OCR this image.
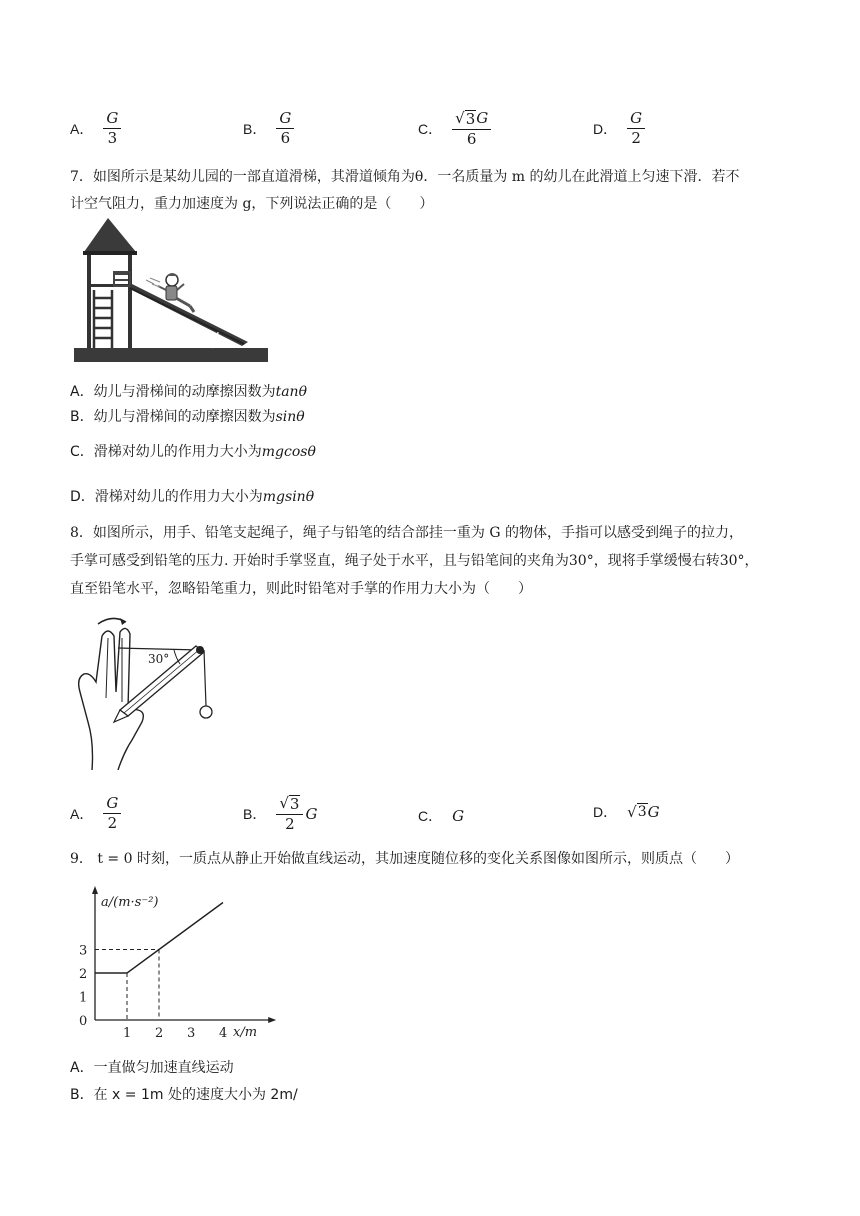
A． $\frac{G}{3}$	B． $\frac{G}{6}$	C． $\frac{√ 3 G}{6}$	D． $\frac{G}{2}$
7．如图所示是某幼儿园的一部直道滑梯，其滑道倾角为θ．一名质量为 m 的幼儿在此滑道上匀速下滑．若不
计空气阻力，重力加速度为 g，下列说法正确的是（　　）
θ
A．幼儿与滑梯间的动摩擦因数为tanθ
B．幼儿与滑梯间的动摩擦因数为sinθ
C．滑梯对幼儿的作用力大小为mgcosθ
D．滑梯对幼儿的作用力大小为mgsinθ
8．如图所示，用手、铅笔支起绳子，绳子与铅笔的结合部挂一重为 G 的物体，手指可以感受到绳子的拉力，
手掌可感受到铅笔的压力. 开始时手掌竖直，绳子处于水平，且与铅笔间的夹角为30°，现将手掌缓慢右转30°，
直至铅笔水平，忽略铅笔重力，则此时铅笔对手掌的作用力大小为（　　）
30°
A． $\frac{G}{2}$	B． $\frac{√ 3}{2}$ G	C． G	D． √ 3 G
9． t = 0 时刻，一质点从静止开始做直线运动，其加速度随位移的变化关系图像如图所示，则质点（　　）
a/(m·s⁻²)
x/m
1 2 3 4
0
1
2
3
A．一直做匀加速直线运动
B．在 x = 1m 处的速度大小为 2m/
